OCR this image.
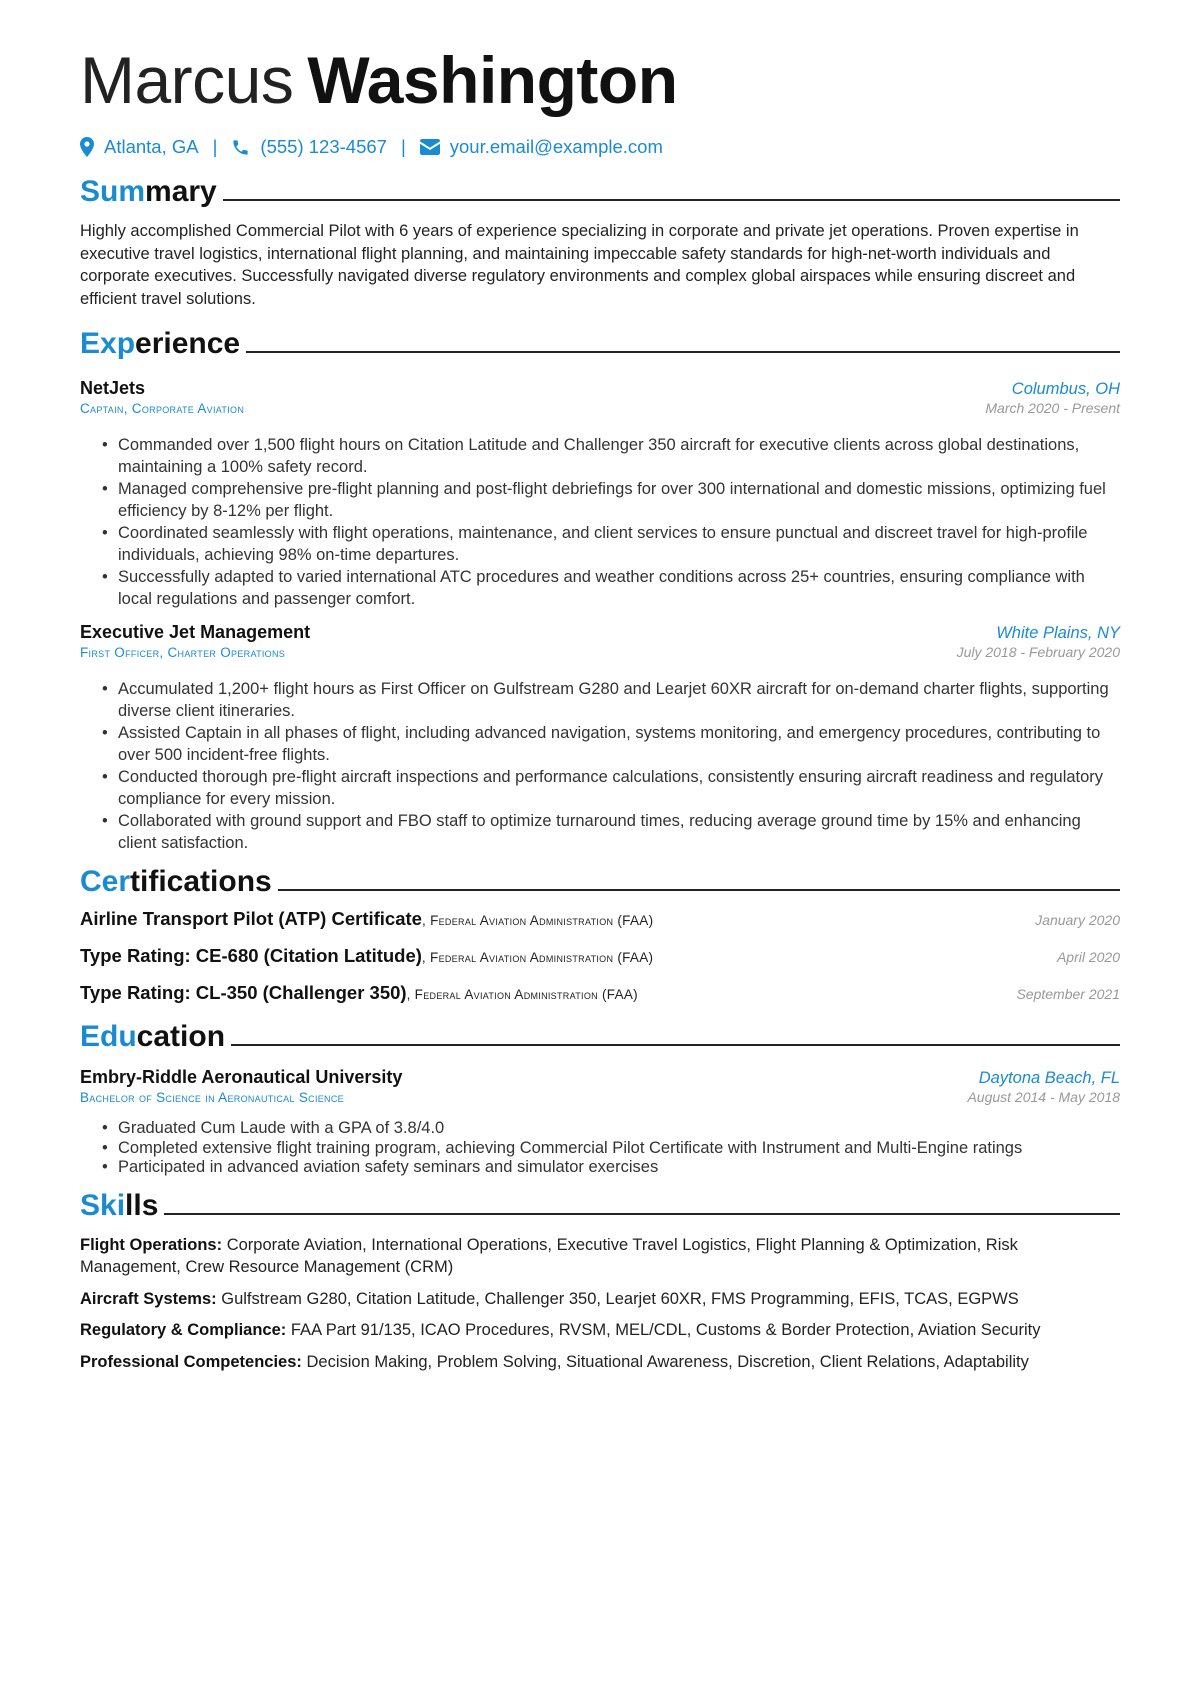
Marcus Washington
Atlanta, GA | (555) 123-4567 | your.email@example.com
Summary
Highly accomplished Commercial Pilot with 6 years of experience specializing in corporate and private jet operations. Proven expertise in executive travel logistics, international flight planning, and maintaining impeccable safety standards for high-net-worth individuals and corporate executives. Successfully navigated diverse regulatory environments and complex global airspaces while ensuring discreet and efficient travel solutions.
Experience
NetJets	Columbus, OH
Captain, Corporate Aviation	March 2020 - Present
• Commanded over 1,500 flight hours on Citation Latitude and Challenger 350 aircraft for executive clients across global destinations, maintaining a 100% safety record.
• Managed comprehensive pre-flight planning and post-flight debriefings for over 300 international and domestic missions, optimizing fuel efficiency by 8-12% per flight.
• Coordinated seamlessly with flight operations, maintenance, and client services to ensure punctual and discreet travel for high-profile individuals, achieving 98% on-time departures.
• Successfully adapted to varied international ATC procedures and weather conditions across 25+ countries, ensuring compliance with local regulations and passenger comfort.
Executive Jet Management	White Plains, NY
First Officer, Charter Operations	July 2018 - February 2020
• Accumulated 1,200+ flight hours as First Officer on Gulfstream G280 and Learjet 60XR aircraft for on-demand charter flights, supporting diverse client itineraries.
• Assisted Captain in all phases of flight, including advanced navigation, systems monitoring, and emergency procedures, contributing to over 500 incident-free flights.
• Conducted thorough pre-flight aircraft inspections and performance calculations, consistently ensuring aircraft readiness and regulatory compliance for every mission.
• Collaborated with ground support and FBO staff to optimize turnaround times, reducing average ground time by 15% and enhancing client satisfaction.
Certifications
Airline Transport Pilot (ATP) Certificate, Federal Aviation Administration (FAA)	January 2020
Type Rating: CE-680 (Citation Latitude), Federal Aviation Administration (FAA)	April 2020
Type Rating: CL-350 (Challenger 350), Federal Aviation Administration (FAA)	September 2021
Education
Embry-Riddle Aeronautical University	Daytona Beach, FL
Bachelor of Science in Aeronautical Science	August 2014 - May 2018
• Graduated Cum Laude with a GPA of 3.8/4.0
• Completed extensive flight training program, achieving Commercial Pilot Certificate with Instrument and Multi-Engine ratings
• Participated in advanced aviation safety seminars and simulator exercises
Skills
Flight Operations: Corporate Aviation, International Operations, Executive Travel Logistics, Flight Planning & Optimization, Risk Management, Crew Resource Management (CRM)
Aircraft Systems: Gulfstream G280, Citation Latitude, Challenger 350, Learjet 60XR, FMS Programming, EFIS, TCAS, EGPWS
Regulatory & Compliance: FAA Part 91/135, ICAO Procedures, RVSM, MEL/CDL, Customs & Border Protection, Aviation Security
Professional Competencies: Decision Making, Problem Solving, Situational Awareness, Discretion, Client Relations, Adaptability
